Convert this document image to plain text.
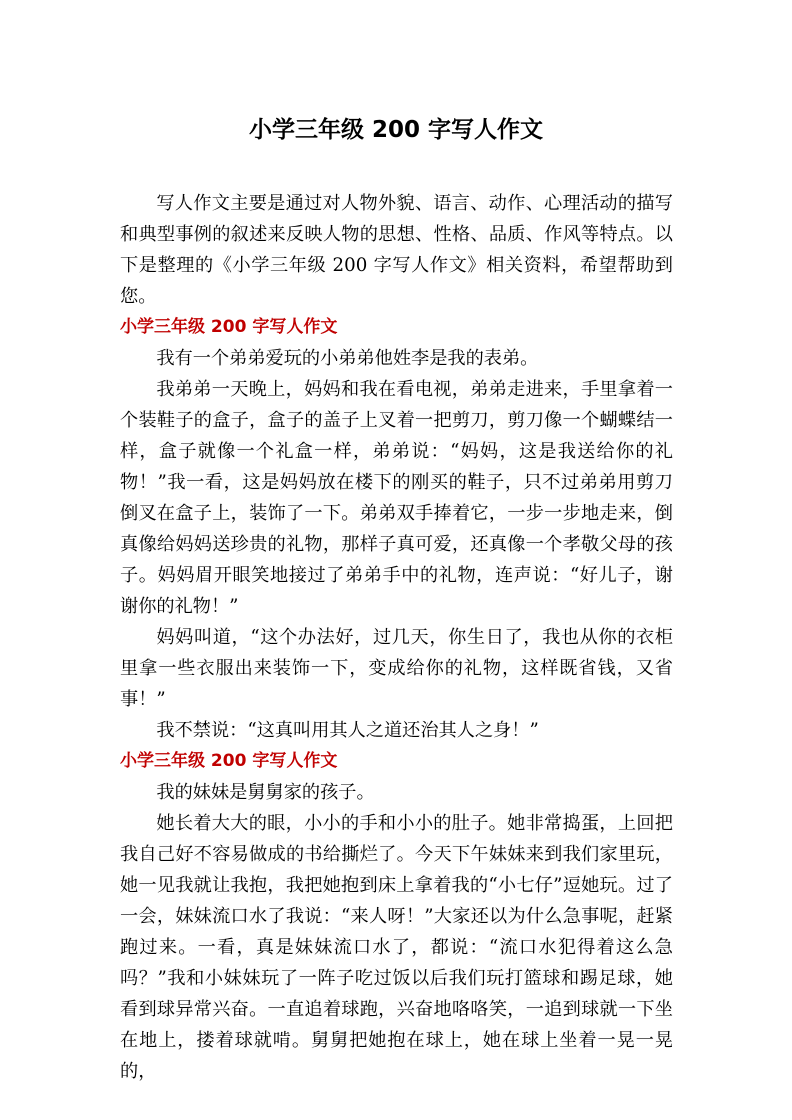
小学三年级 200 字写人作文

写人作文主要是通过对人物外貌、语言、动作、心理活动的描写和典型事例的叙述来反映人物的思想、性格、品质、作风等特点。以下是整理的《小学三年级 200 字写人作文》相关资料，希望帮助到您。

小学三年级 200 字写人作文

我有一个弟弟爱玩的小弟弟他姓李是我的表弟。

我弟弟一天晚上，妈妈和我在看电视，弟弟走进来，手里拿着一个装鞋子的盒子，盒子的盖子上叉着一把剪刀，剪刀像一个蝴蝶结一样，盒子就像一个礼盒一样，弟弟说：“妈妈，这是我送给你的礼物！”我一看，这是妈妈放在楼下的刚买的鞋子，只不过弟弟用剪刀倒叉在盒子上，装饰了一下。弟弟双手捧着它，一步一步地走来，倒真像给妈妈送珍贵的礼物，那样子真可爱，还真像一个孝敬父母的孩子。妈妈眉开眼笑地接过了弟弟手中的礼物，连声说：“好儿子，谢谢你的礼物！”

妈妈叫道，“这个办法好，过几天，你生日了，我也从你的衣柜里拿一些衣服出来装饰一下，变成给你的礼物，这样既省钱，又省事！”

我不禁说：“这真叫用其人之道还治其人之身！”

小学三年级 200 字写人作文

我的妹妹是舅舅家的孩子。

她长着大大的眼，小小的手和小小的肚子。她非常捣蛋，上回把我自己好不容易做成的书给撕烂了。今天下午妹妹来到我们家里玩，她一见我就让我抱，我把她抱到床上拿着我的“小七仔”逗她玩。过了一会，妹妹流口水了我说：“来人呀！”大家还以为什么急事呢，赶紧跑过来。一看，真是妹妹流口水了，都说：“流口水犯得着这么急吗？”我和小妹妹玩了一阵子吃过饭以后我们玩打篮球和踢足球，她看到球异常兴奋。一直追着球跑，兴奋地咯咯笑，一追到球就一下坐在地上，搂着球就啃。舅舅把她抱在球上，她在球上坐着一晃一晃的，
